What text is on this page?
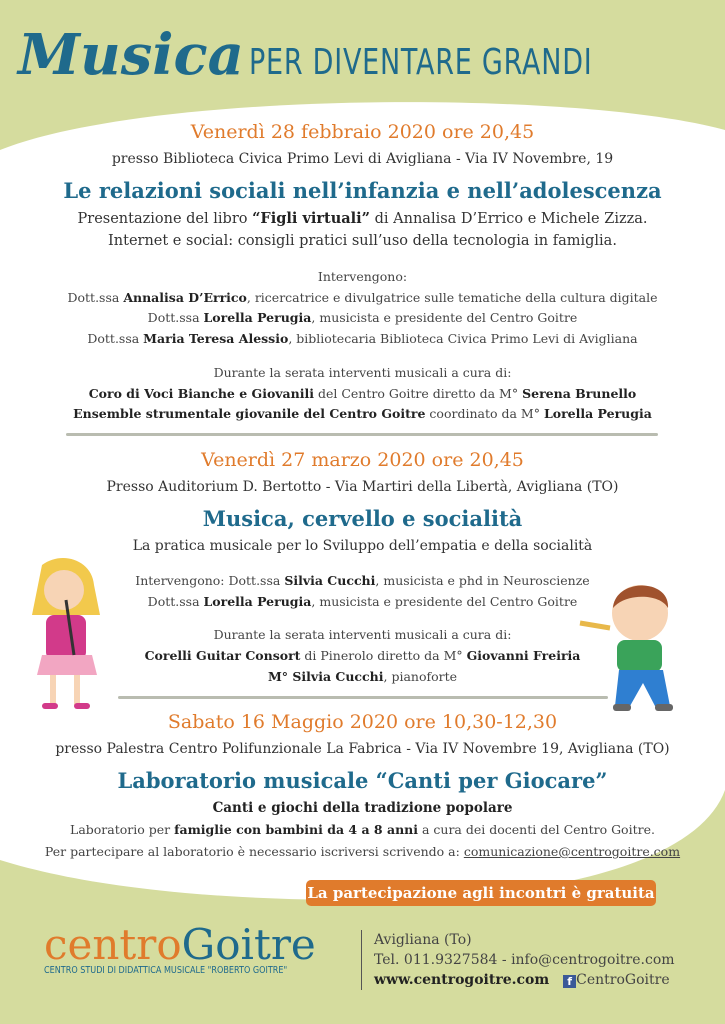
Musica PER DIVENTARE GRANDI
Venerdì 28 febbraio 2020 ore 20,45
presso Biblioteca Civica Primo Levi di Avigliana - Via IV Novembre, 19
Le relazioni sociali nell’infanzia e nell’adolescenza
Presentazione del libro “Figli virtuali” di Annalisa D’Errico e Michele Zizza.
Internet e social: consigli pratici sull’uso della tecnologia in famiglia.
Intervengono:
Dott.ssa Annalisa D’Errico, ricercatrice e divulgatrice sulle tematiche della cultura digitale
Dott.ssa Lorella Perugia, musicista e presidente del Centro Goitre
Dott.ssa Maria Teresa Alessio, bibliotecaria Biblioteca Civica Primo Levi di Avigliana
Durante la serata interventi musicali a cura di:
Coro di Voci Bianche e Giovanili del Centro Goitre diretto da M° Serena Brunello
Ensemble strumentale giovanile del Centro Goitre coordinato da M° Lorella Perugia
Venerdì 27 marzo 2020 ore 20,45
Presso Auditorium D. Bertotto - Via Martiri della Libertà, Avigliana (TO)
Musica, cervello e socialità
La pratica musicale per lo Sviluppo dell’empatia e della socialità
Intervengono: Dott.ssa Silvia Cucchi, musicista e phd in Neuroscienze
Dott.ssa Lorella Perugia, musicista e presidente del Centro Goitre
Durante la serata interventi musicali a cura di:
Corelli Guitar Consort di Pinerolo diretto da M° Giovanni Freiria
M° Silvia Cucchi, pianoforte
Sabato 16 Maggio 2020 ore 10,30-12,30
presso Palestra Centro Polifunzionale La Fabrica - Via IV Novembre 19, Avigliana (TO)
Laboratorio musicale “Canti per Giocare”
Canti e giochi della tradizione popolare
Laboratorio per famiglie con bambini da 4 a 8 anni a cura dei docenti del Centro Goitre.
Per partecipare al laboratorio è necessario iscriversi scrivendo a: comunicazione@centrogoitre.com
La partecipazione agli incontri è gratuita
centroGoitre
CENTRO STUDI DI DIDATTICA MUSICALE "ROBERTO GOITRE"
Avigliana (To)
Tel. 011.9327584 - info@centrogoitre.com
www.centrogoitre.com f CentroGoitre
